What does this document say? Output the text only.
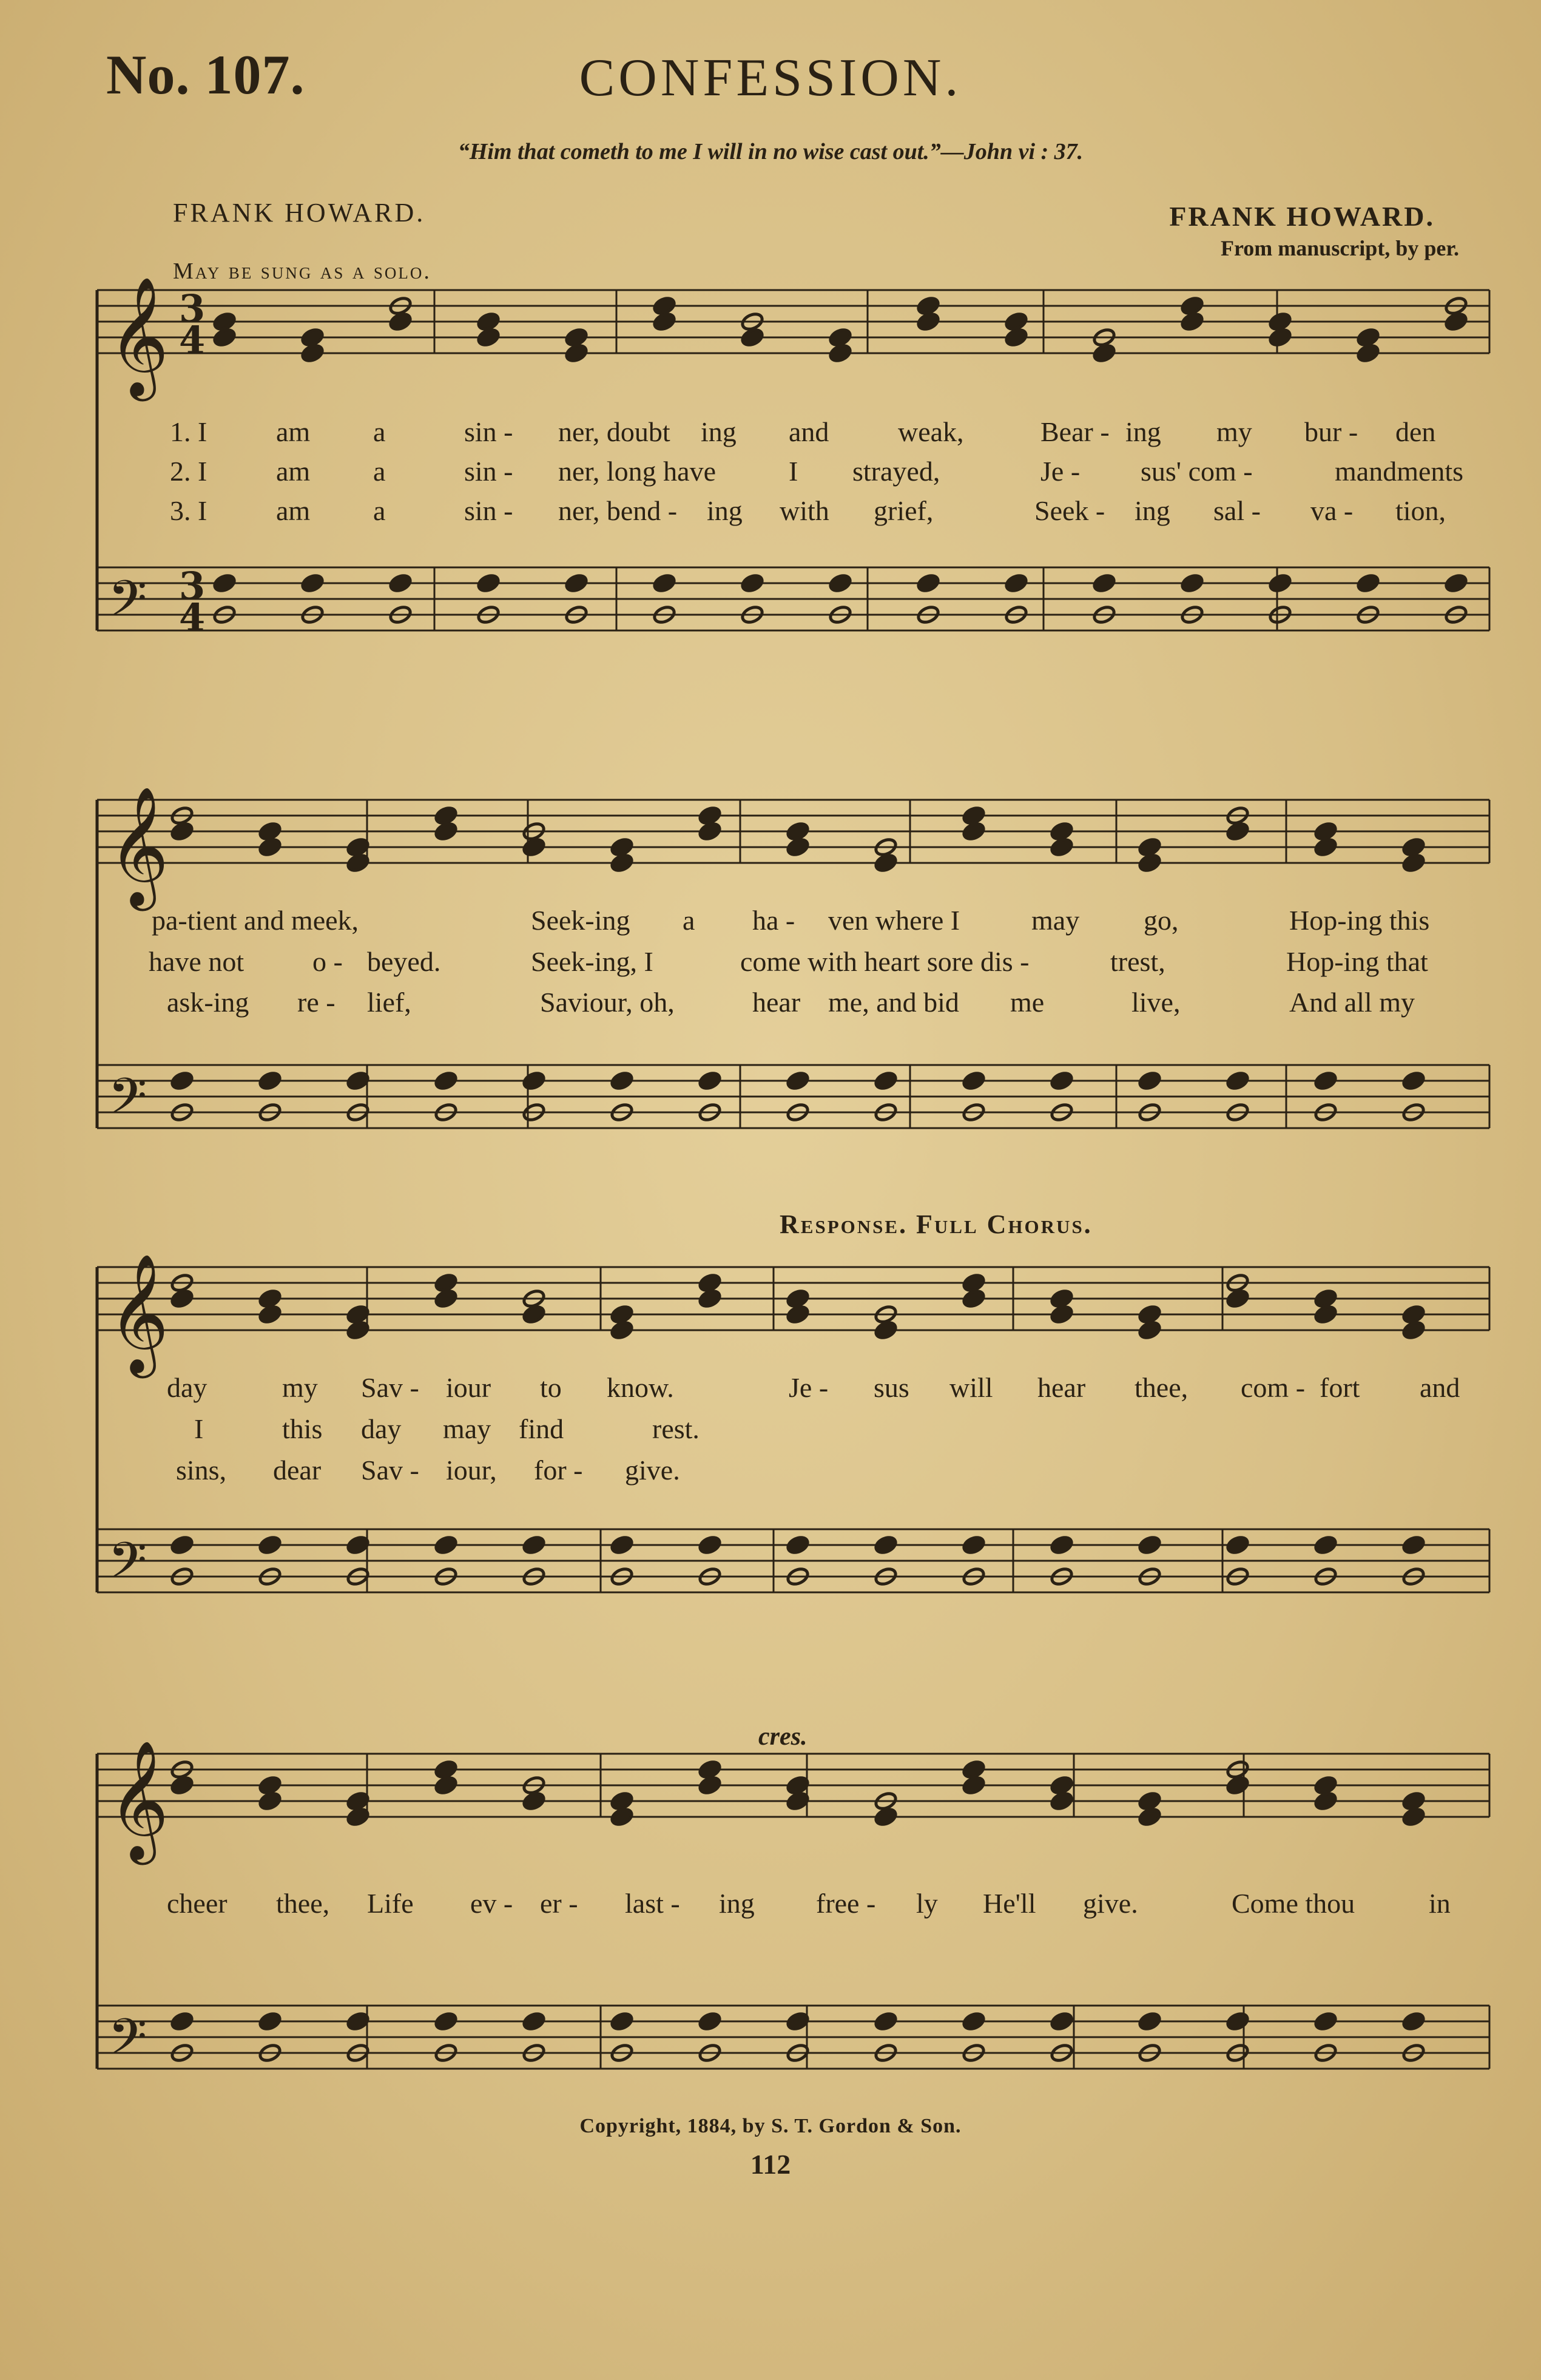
No. 107.	CONFESSION.
“Him that cometh to me I will in no wise cast out.”—John vi : 37.
FRANK HOWARD.	FRANK HOWARD.
From manuscript, by per.
May be sung as a solo.
Response. Full Chorus.
cres.
𝄞
𝄢
3
3
4
4
𝄞
𝄢
𝄞
𝄢
𝄞
𝄢
1. I am a	sin - ner, doubt ing and weak,	Bear - ing my bur - den
2. I am a	sin - ner, long have	I strayed,	Je - sus' com -	mandments
3. I am a	sin - ner, bend - ing with grief,	Seek - ing sal - va - tion,
pa-tient and meek,	Seek-ing a ha - ven where I	may go,	Hop-ing this
have not o - beyed.	Seek-ing, I	come with heart sore dis -	trest,	Hop-ing that
ask-ing re - lief,	Saviour, oh,	hear me, and bid me	live,	And all my
day	my Sav - iour to know.	Je - sus will hear thee, com - fort and
I	this day may find	rest.
sins, dear Sav - iour, for - give.
cheer thee, Life ev - er - last - ing free - ly He'll give.	Come thou	in
Copyright, 1884, by S. T. Gordon & Son.
112
